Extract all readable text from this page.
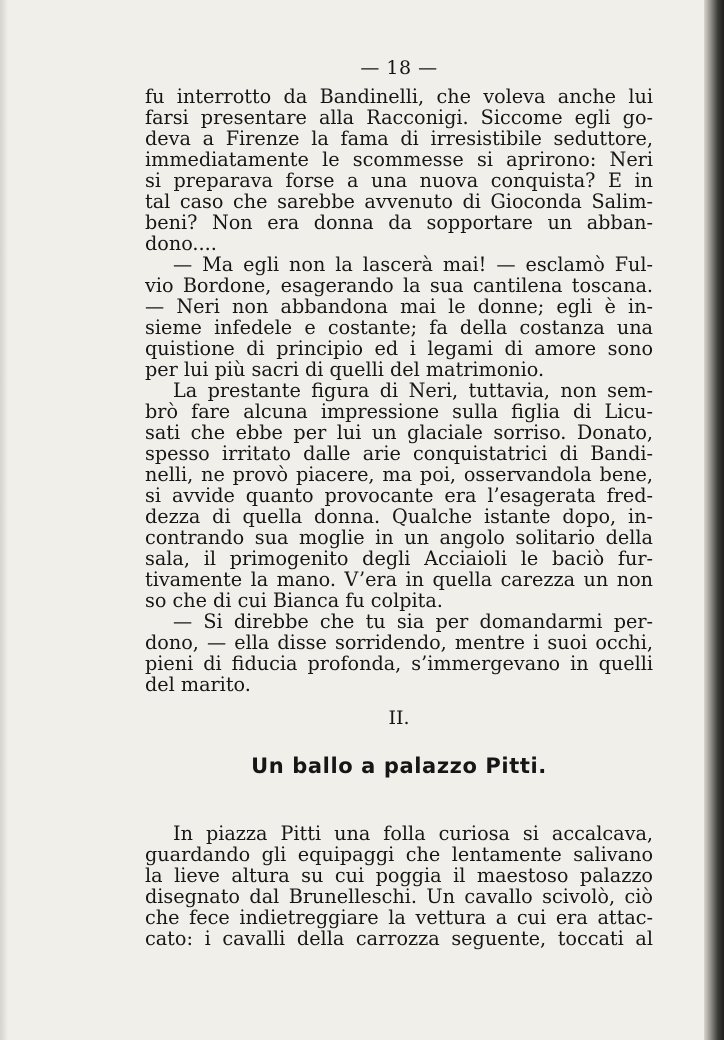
— 18 —
fu interrotto da Bandinelli, che voleva anche lui
farsi presentare alla Racconigi. Siccome egli go-
deva a Firenze la fama di irresistibile seduttore,
immediatamente le scommesse si aprirono: Neri
si preparava forse a una nuova conquista? E in
tal caso che sarebbe avvenuto di Gioconda Salim-
beni? Non era donna da sopportare un abban-
dono....
— Ma egli non la lascerà mai! — esclamò Ful-
vio Bordone, esagerando la sua cantilena toscana.
— Neri non abbandona mai le donne; egli è in-
sieme infedele e costante; fa della costanza una
quistione di principio ed i legami di amore sono
per lui più sacri di quelli del matrimonio.
La prestante figura di Neri, tuttavia, non sem-
brò fare alcuna impressione sulla figlia di Licu-
sati che ebbe per lui un glaciale sorriso. Donato,
spesso irritato dalle arie conquistatrici di Bandi-
nelli, ne provò piacere, ma poi, osservandola bene,
si avvide quanto provocante era l’esagerata fred-
dezza di quella donna. Qualche istante dopo, in-
contrando sua moglie in un angolo solitario della
sala, il primogenito degli Acciaioli le baciò fur-
tivamente la mano. V’era in quella carezza un non
so che di cui Bianca fu colpita.
— Si direbbe che tu sia per domandarmi per-
dono, — ella disse sorridendo, mentre i suoi occhi,
pieni di fiducia profonda, s’immergevano in quelli
del marito.
II.
Un ballo a palazzo Pitti.
In piazza Pitti una folla curiosa si accalcava,
guardando gli equipaggi che lentamente salivano
la lieve altura su cui poggia il maestoso palazzo
disegnato dal Brunelleschi. Un cavallo scivolò, ciò
che fece indietreggiare la vettura a cui era attac-
cato: i cavalli della carrozza seguente, toccati al
